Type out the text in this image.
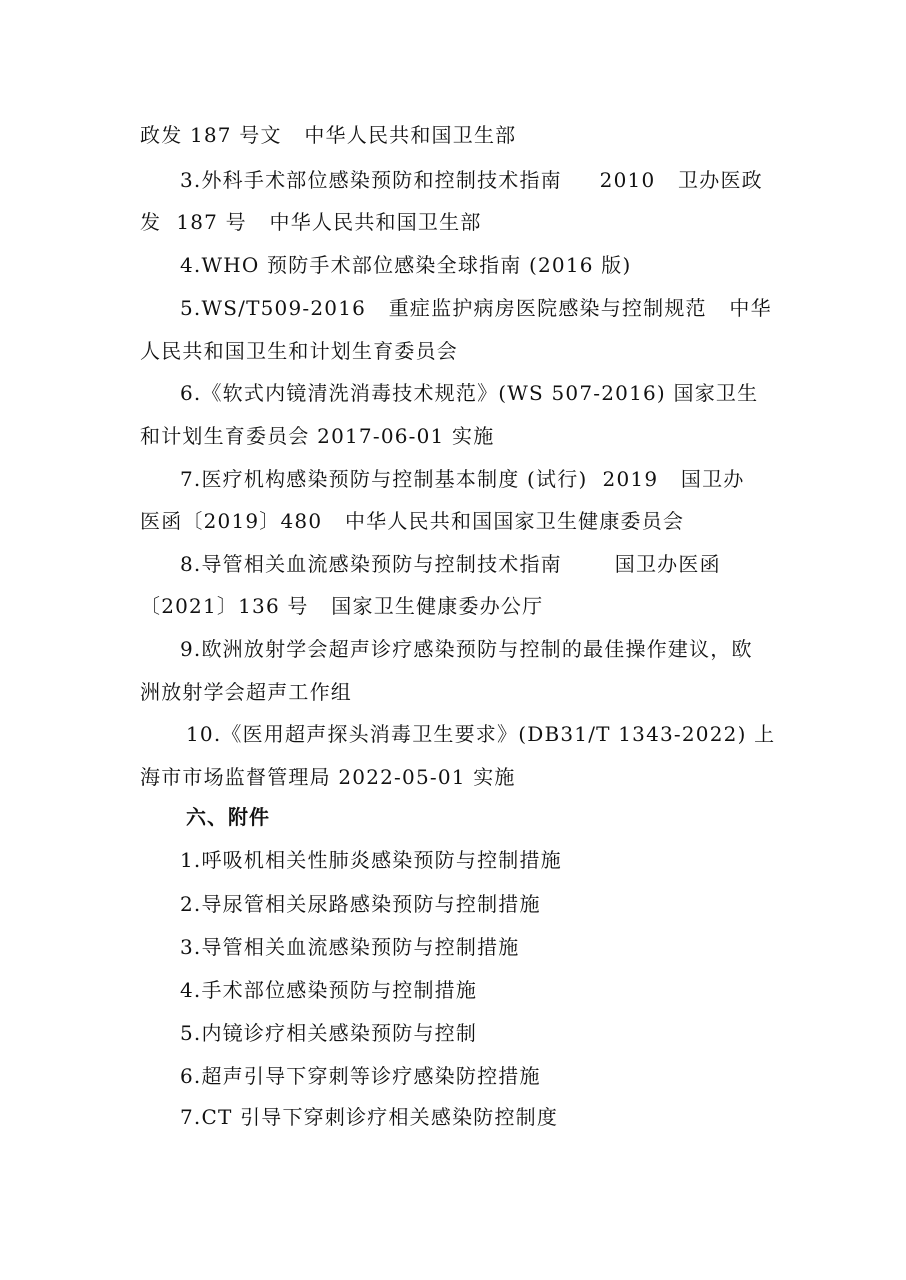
政发 187 号文   中华人民共和国卫生部
3.外科手术部位感染预防和控制技术指南     2010   卫办医政
发  187 号   中华人民共和国卫生部
4.WHO 预防手术部位感染全球指南 (2016 版)
5.WS/T509-2016   重症监护病房医院感染与控制规范   中华
人民共和国卫生和计划生育委员会
6.《软式内镜清洗消毒技术规范》(WS 507-2016) 国家卫生
和计划生育委员会 2017-06-01 实施
7.医疗机构感染预防与控制基本制度 (试行)  2019   国卫办
医函〔2019〕480   中华人民共和国国家卫生健康委员会
8.导管相关血流感染预防与控制技术指南       国卫办医函
〔2021〕136 号   国家卫生健康委办公厅
9.欧洲放射学会超声诊疗感染预防与控制的最佳操作建议，欧
洲放射学会超声工作组
10.《医用超声探头消毒卫生要求》(DB31/T 1343-2022) 上
海市市场监督管理局 2022-05-01 实施
六、附件
1.呼吸机相关性肺炎感染预防与控制措施
2.导尿管相关尿路感染预防与控制措施
3.导管相关血流感染预防与控制措施
4.手术部位感染预防与控制措施
5.内镜诊疗相关感染预防与控制
6.超声引导下穿刺等诊疗感染防控措施
7.CT 引导下穿刺诊疗相关感染防控制度
